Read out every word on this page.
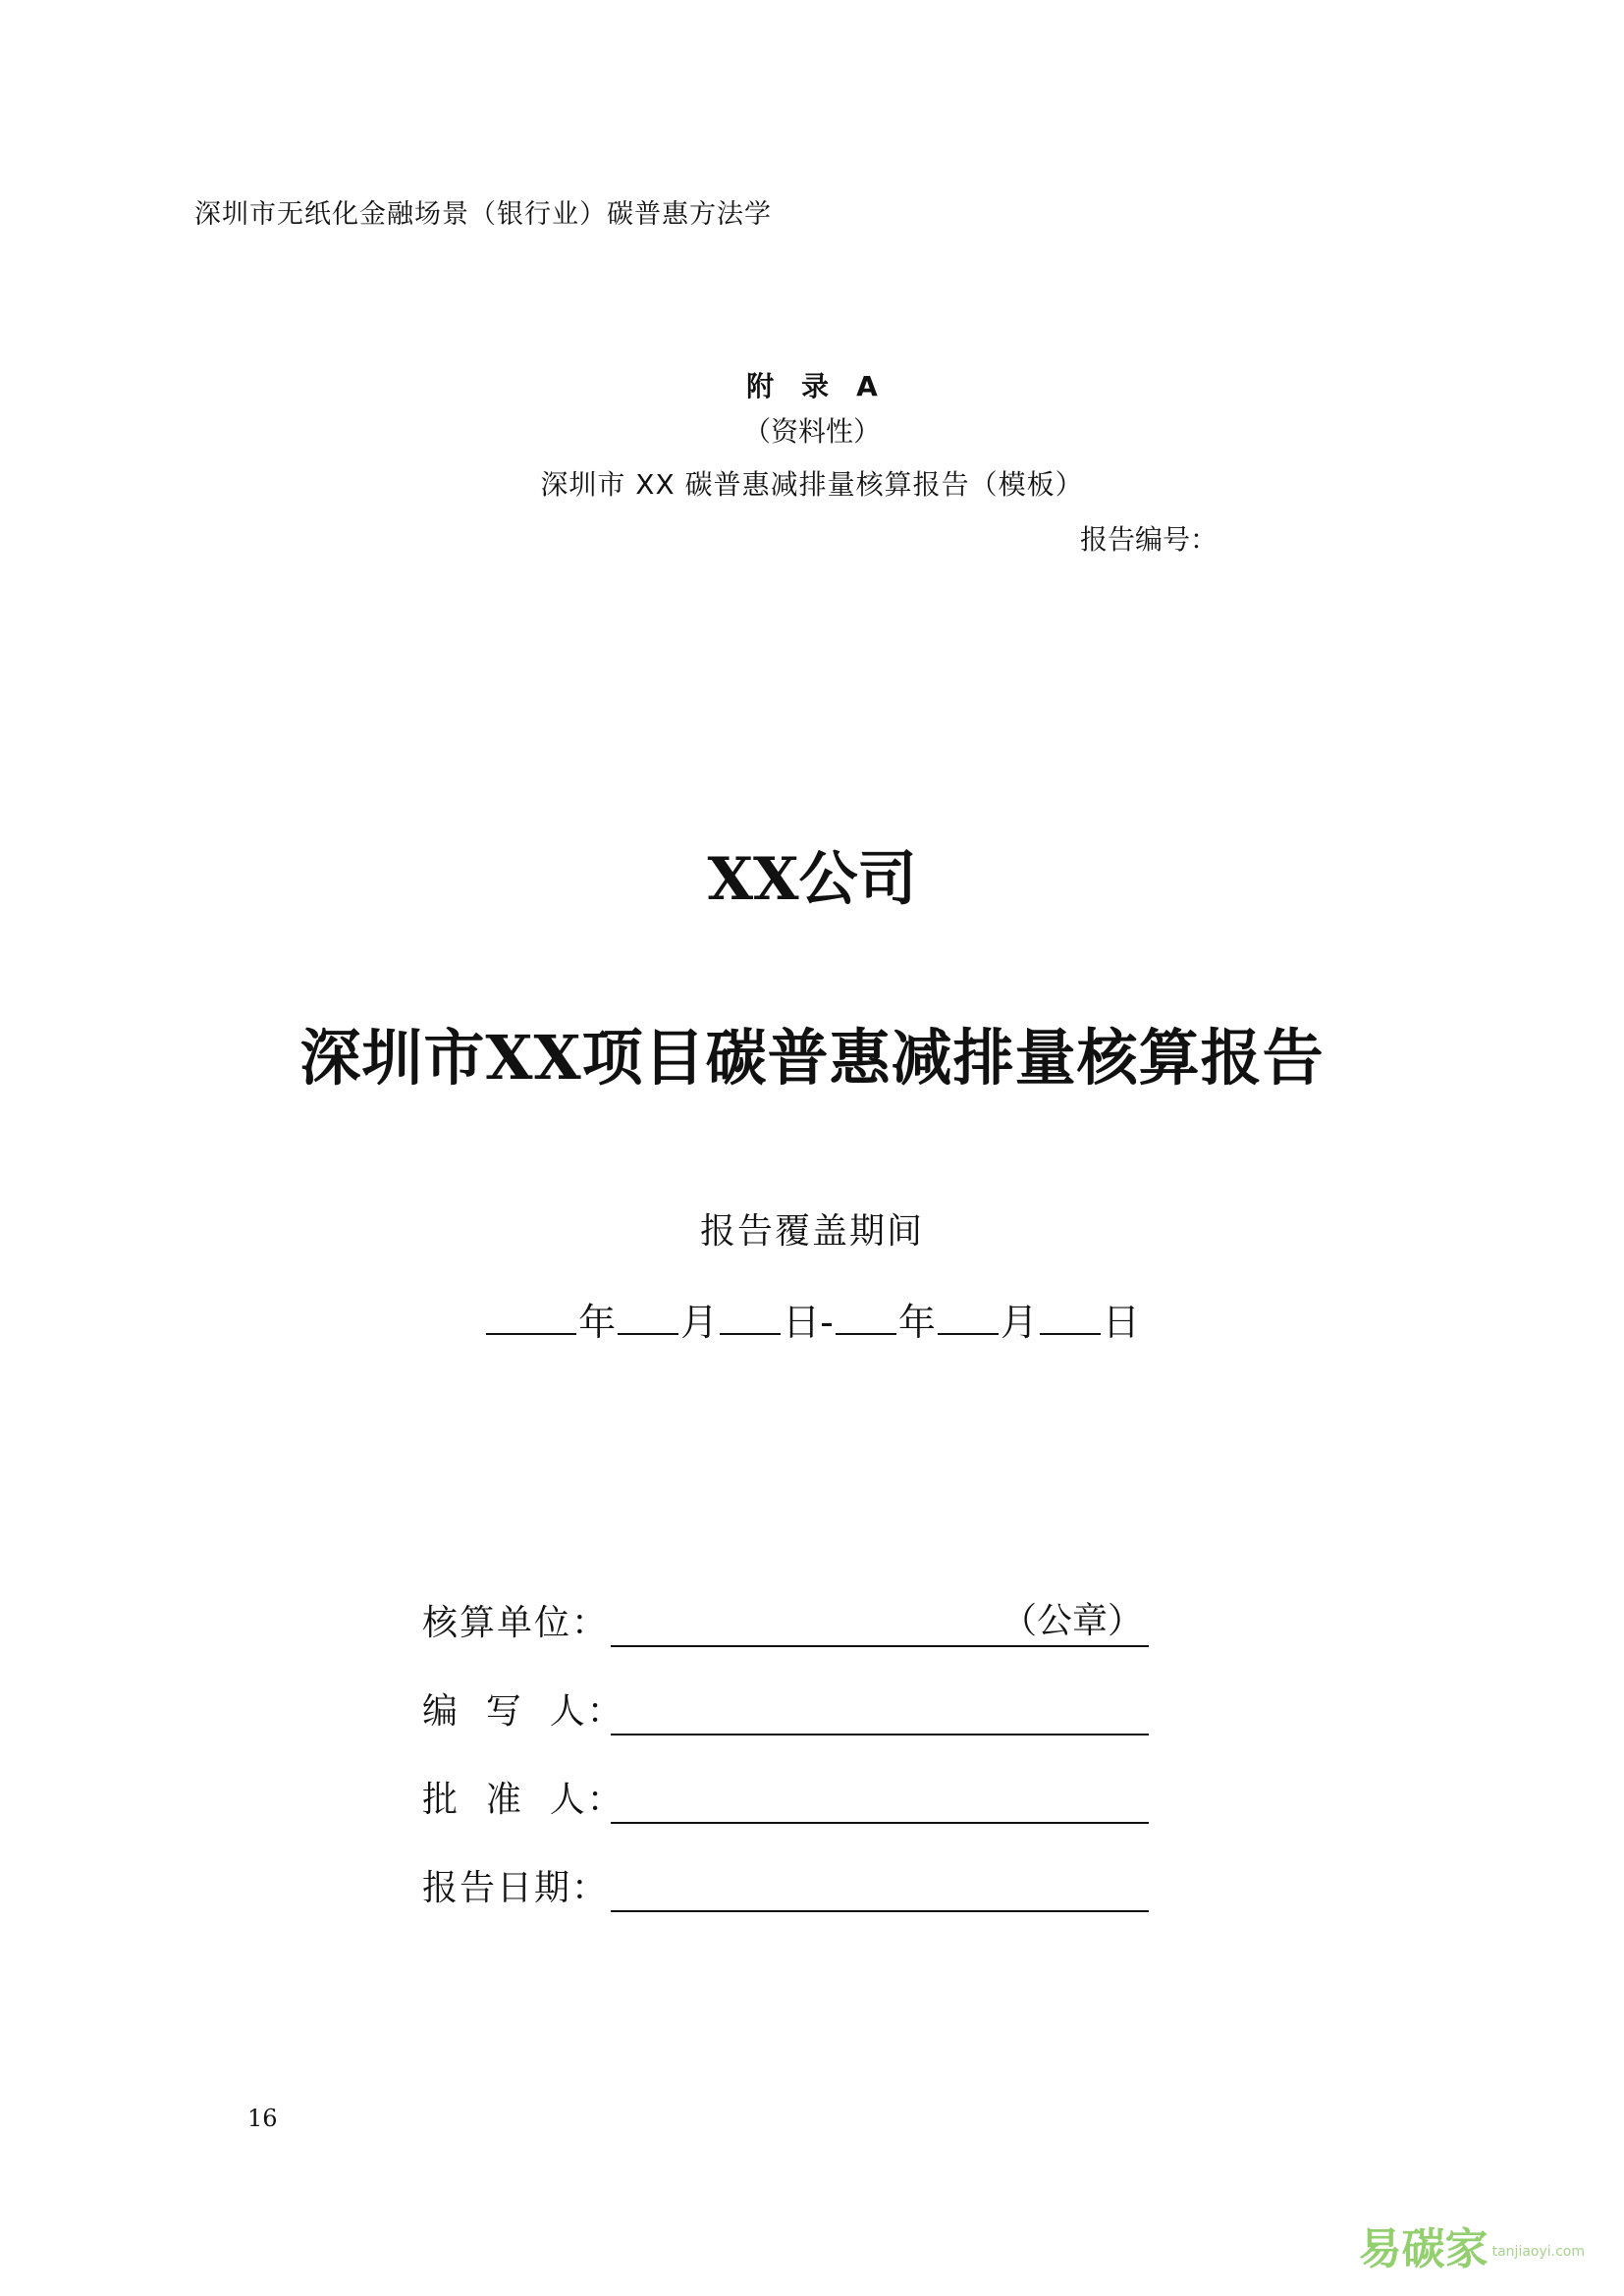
深圳市无纸化金融场景（银行业）碳普惠方法学
附 录 A
（资料性）
深圳市 XX 碳普惠减排量核算报告（模板）
报告编号：
XX公司
深圳市XX项目碳普惠减排量核算报告
报告覆盖期间
年 月 日- 年 月 日
核算单位：	（公章）
编  写  人：
批  准  人：
报告日期：
16
易碳家 tanjiaoyi.com
